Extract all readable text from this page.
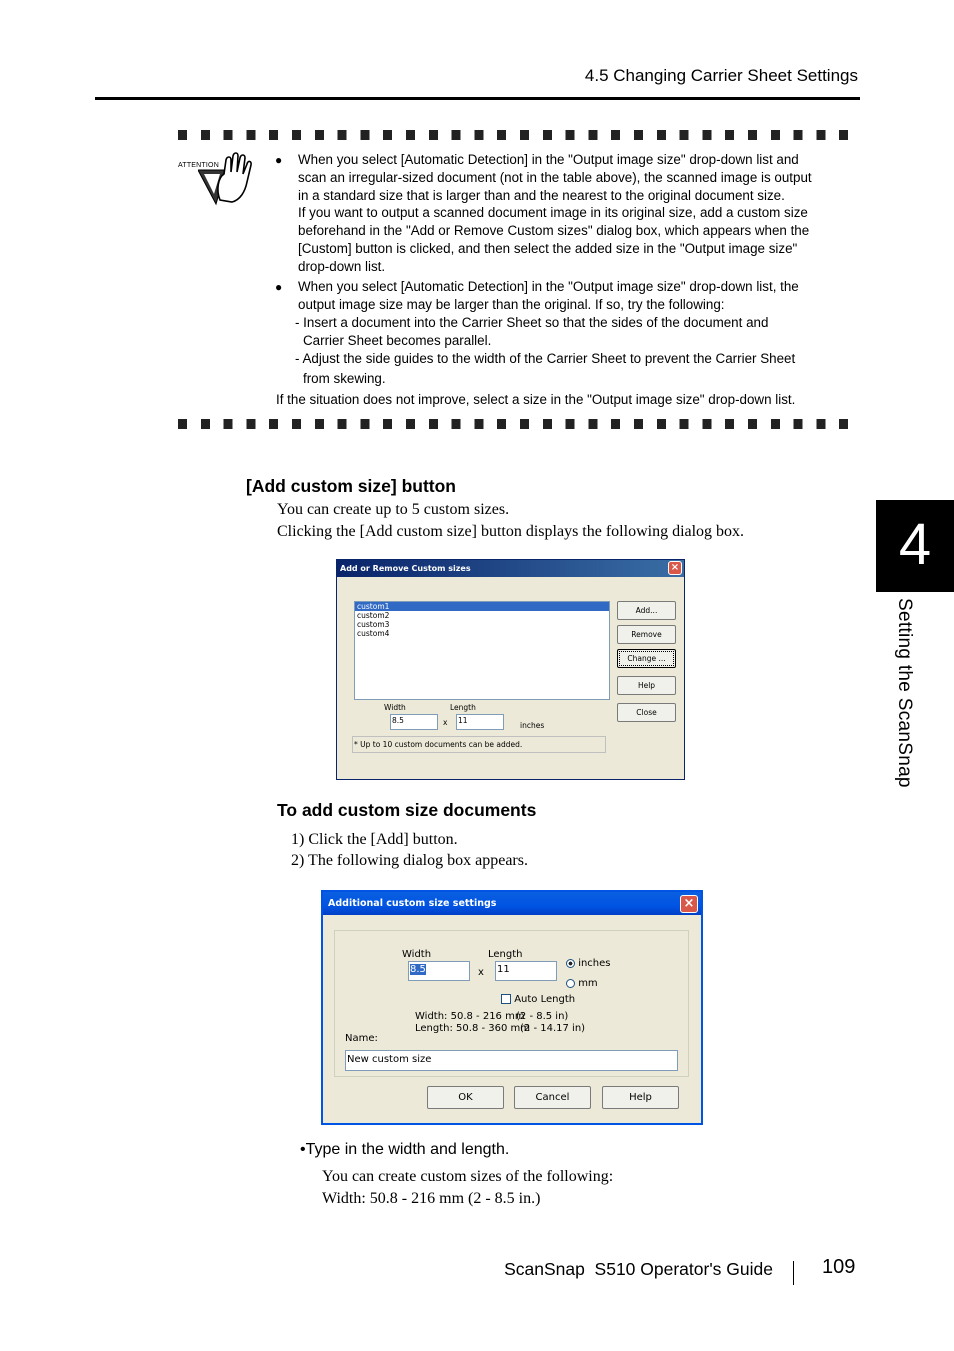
4.5 Changing Carrier Sheet Settings
ATTENTION	● When you select [Automatic Detection] in the "Output image size" drop-down list and
scan an irregular-sized document (not in the table above), the scanned image is output
in a standard size that is larger than and the nearest to the original document size.
If you want to output a scanned document image in its original size, add a custom size
beforehand in the "Add or Remove Custom sizes" dialog box, which appears when the
[Custom] button is clicked, and then select the added size in the "Output image size"
drop-down list.
● When you select [Automatic Detection] in the "Output image size" drop-down list, the
output image size may be larger than the original. If so, try the following:
- Insert a document into the Carrier Sheet so that the sides of the document and
Carrier Sheet becomes parallel.
- Adjust the side guides to the width of the Carrier Sheet to prevent the Carrier Sheet
from skewing.
If the situation does not improve, select a size in the "Output image size" drop-down list.
4
Setting the ScanSnap
[Add custom size] button
You can create up to 5 custom sizes.
Clicking the [Add custom size] button displays the following dialog box.
Add or Remove Custom sizes	×
custom1
custom2
custom3
custom4
Add...
Remove
Change ...
Help
Close
Width	Length
8.5	x 11
inches
* Up to 10 custom documents can be added.
To add custom size documents
1) Click the [Add] button.
2) The following dialog box appears.
Additional custom size settings	×
Width	Length
8.5	x 11
inches
mm
Auto Length
Width: 50.8 - 216 mm
(2 - 8.5 in)
Length: 50.8 - 360 mm
(2 - 14.17 in)
Name:
New custom size
OK	Cancel	Help
•Type in the width and length.
You can create custom sizes of the following:
Width: 50.8 - 216 mm (2 - 8.5 in.)
ScanSnap  S510 Operator's Guide 109
